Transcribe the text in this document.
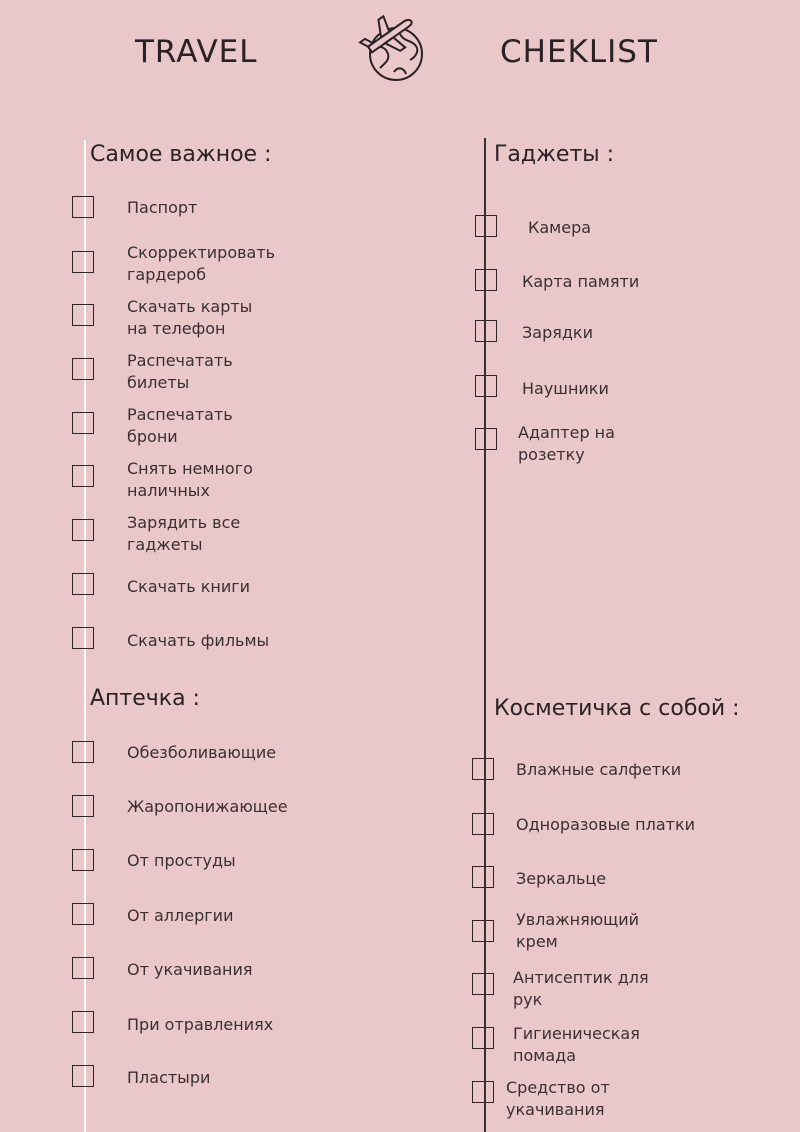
TRAVEL	CHEKLIST
Самое важное :
Паспорт
Скорректировать
гардероб
Скачать карты
на телефон
Распечатать
билеты
Распечатать
брони
Снять немного
наличных
Зарядить все
гаджеты
Скачать книги
Скачать фильмы
Аптечка :
Обезболивающие
Жаропонижающее
От простуды
От аллергии
От укачивания
При отравлениях
Пластыри
Гаджеты :
Камера
Карта памяти
Зарядки
Наушники
Адаптер на
розетку
Косметичка с собой :
Влажные салфетки
Одноразовые платки
Зеркальце
Увлажняющий
крем
Антисептик для
рук
Гигиеническая
помада
Средство от
укачивания
